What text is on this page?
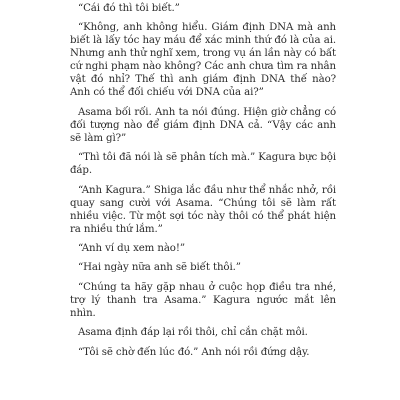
“Cái đó thì tôi biết.”

“Không, anh không hiểu. Giám định DNA mà anh biết là lấy tóc hay máu để xác minh thứ đó là của ai. Nhưng anh thử nghĩ xem, trong vụ án lần này có bất cứ nghi phạm nào không? Các anh chưa tìm ra nhân vật đó nhỉ? Thế thì anh giám định DNA thế nào? Anh có thể đối chiếu với DNA của ai?”

Asama bối rối. Anh ta nói đúng. Hiện giờ chẳng có đối tượng nào để giám định DNA cả. “Vậy các anh sẽ làm gì?”

“Thì tôi đã nói là sẽ phân tích mà.” Kagura bực bội đáp.

“Anh Kagura.” Shiga lắc đầu như thể nhắc nhở, rồi quay sang cười với Asama. “Chúng tôi sẽ làm rất nhiều việc. Từ một sợi tóc này thôi có thể phát hiện ra nhiều thứ lắm.”

“Anh ví dụ xem nào!”

“Hai ngày nữa anh sẽ biết thôi.”

“Chúng ta hãy gặp nhau ở cuộc họp điều tra nhé, trợ lý thanh tra Asama.” Kagura ngước mắt lên nhìn.

Asama định đáp lại rồi thôi, chỉ cắn chặt môi.

“Tôi sẽ chờ đến lúc đó.” Anh nói rồi đứng dậy.
